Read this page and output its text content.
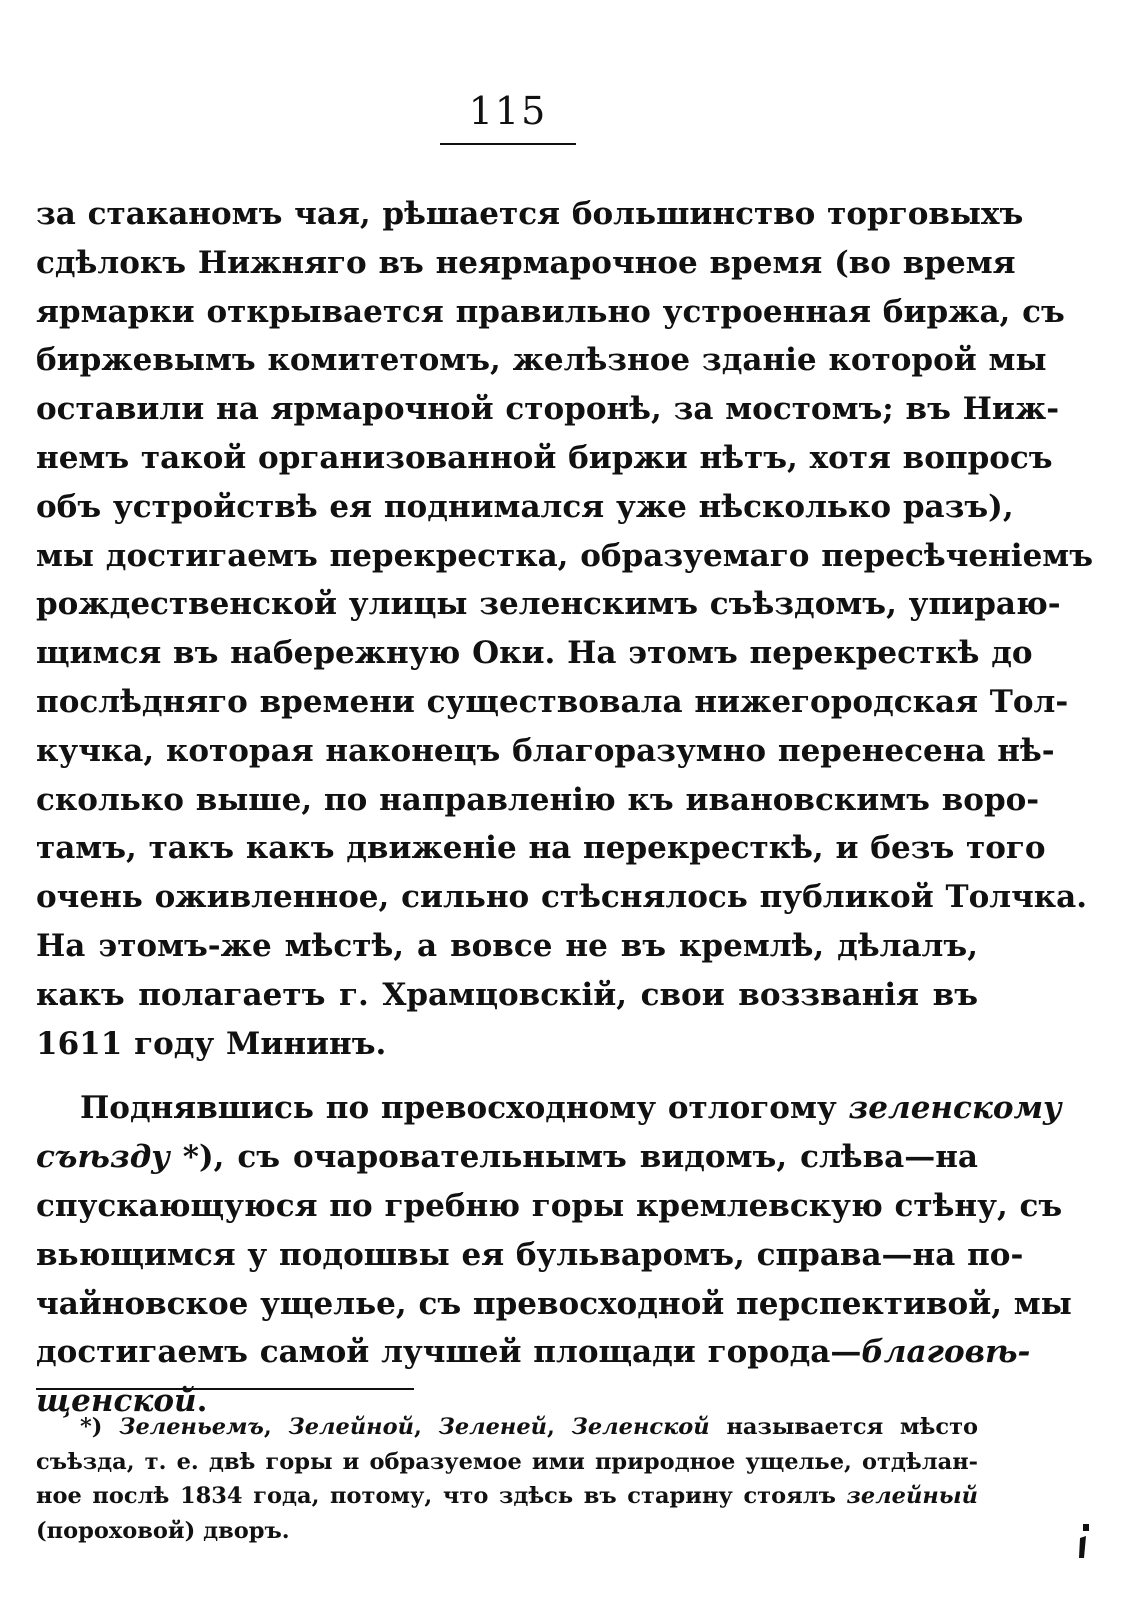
115
за стаканомъ чая, рѣшается большинство торговыхъ
сдѣлокъ Нижняго въ неярмарочное время (во время
ярмарки открывается правильно устроенная биржа, съ
биржевымъ комитетомъ, желѣзное зданiе которой мы
оставили на ярмарочной сторонѣ, за мостомъ; въ Ниж-
немъ такой организованной биржи нѣтъ, хотя вопросъ
объ устройствѣ ея поднимался уже нѣсколько разъ),
мы достигаемъ перекрестка, образуемаго пересѣченiемъ
рождественской улицы зеленскимъ съѣздомъ, упираю-
щимся въ набережную Оки. На этомъ перекресткѣ до
послѣдняго времени существовала нижегородская Тол-
кучка, которая наконецъ благоразумно перенесена нѣ-
сколько выше, по направленiю къ ивановскимъ воро-
тамъ, такъ какъ движенiе на перекресткѣ, и безъ того
очень оживленное, сильно стѣснялось публикой Толчка.
На этомъ-же мѣстѣ, а вовсе не въ кремлѣ, дѣлалъ,
какъ полагаетъ г. Храмцовскiй, свои воззванiя въ
1611 году Мининъ.
Поднявшись по превосходному отлогому зеленскому
съѣзду *), съ очаровательнымъ видомъ, слѣва—на
спускающуюся по гребню горы кремлевскую стѣну, съ
вьющимся у подошвы ея бульваромъ, справа—на по-
чайновское ущелье, съ превосходной перспективой, мы
достигаемъ самой лучшей площади города—благовѣ-
щенской.
*) Зеленьемъ, Зелейной, Зеленей, Зеленской называется мѣсто
съѣзда, т. е. двѣ горы и образуемое ими природное ущелье, отдѣлан-
ное послѣ 1834 года, потому, что здѣсь въ старину стоялъ зелейный
(пороховой) дворъ.
